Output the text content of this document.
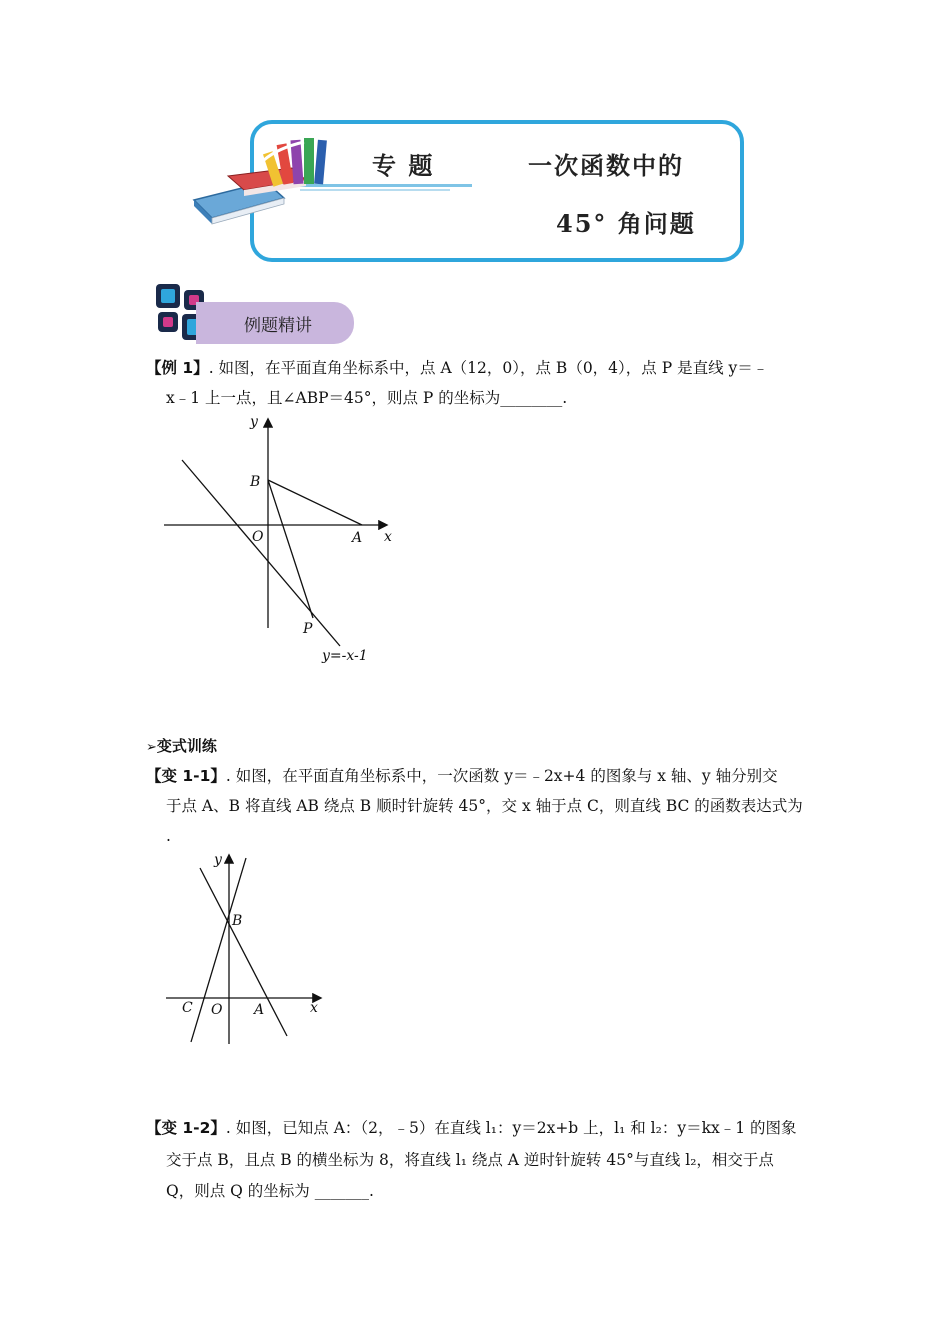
专 题	一次函数中的
45° 角问题
例题精讲
【例 1】. 如图，在平面直角坐标系中，点 A（12，0），点 B（0，4），点 P 是直线 y＝﹣
x﹣1 上一点，且∠ABP＝45°，则点 P 的坐标为________.
y
x
O	A
B
P
y=-x-1
➢变式训练
【变 1-1】. 如图，在平面直角坐标系中，一次函数 y＝﹣2x+4 的图象与 x 轴、y 轴分别交
于点 A、B 将直线 AB 绕点 B 顺时针旋转 45°，交 x 轴于点 C，则直线 BC 的函数表达式为
.
y
x
O A
B
C
【变 1-2】. 如图，已知点 A：（2，﹣5）在直线 l₁：y＝2x+b 上，l₁ 和 l₂：y＝kx﹣1 的图象
交于点 B，且点 B 的横坐标为 8，将直线 l₁ 绕点 A 逆时针旋转 45°与直线 l₂，相交于点
Q，则点 Q 的坐标为 _______.
